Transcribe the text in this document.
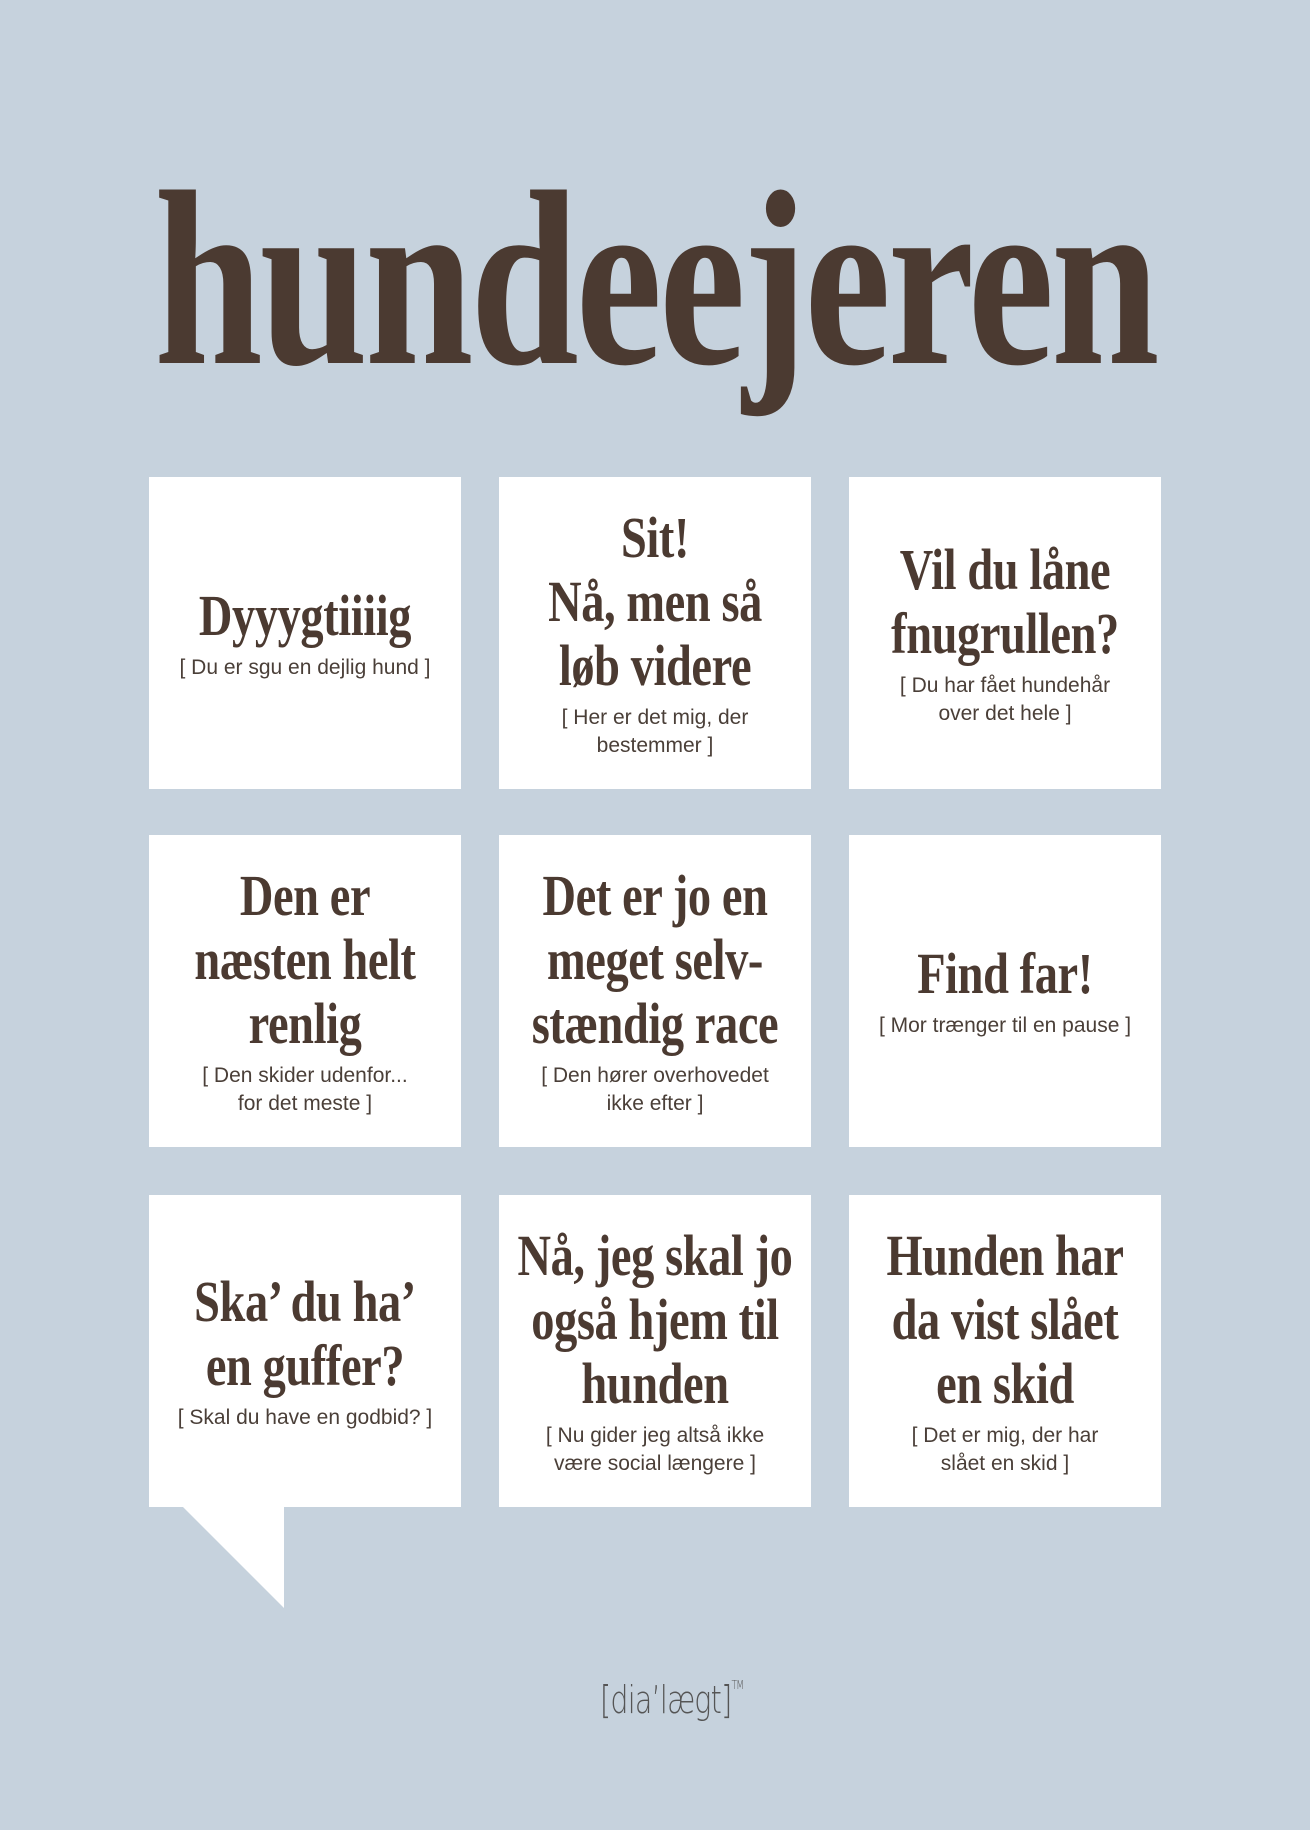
hundeejeren
Dyyygtiiiig
[ Du er sgu en dejlig hund ]
Sit!
Nå, men så
løb videre
[ Her er det mig, der
bestemmer ]
Vil du låne
fnugrullen?
[ Du har fået hundehår
over det hele ]
Den er
næsten helt
renlig
[ Den skider udenfor...
for det meste ]
Det er jo en
meget selv-
stændig race
[ Den hører overhovedet
ikke efter ]
Find far!
[ Mor trænger til en pause ]
Ska’ du ha’
en guffer?
[ Skal du have en godbid? ]
Nå, jeg skal jo
også hjem til
hunden
[ Nu gider jeg altså ikke
være social længere ]
Hunden har
da vist slået
en skid
[ Det er mig, der har
slået en skid ]
[dia’lægt]™
